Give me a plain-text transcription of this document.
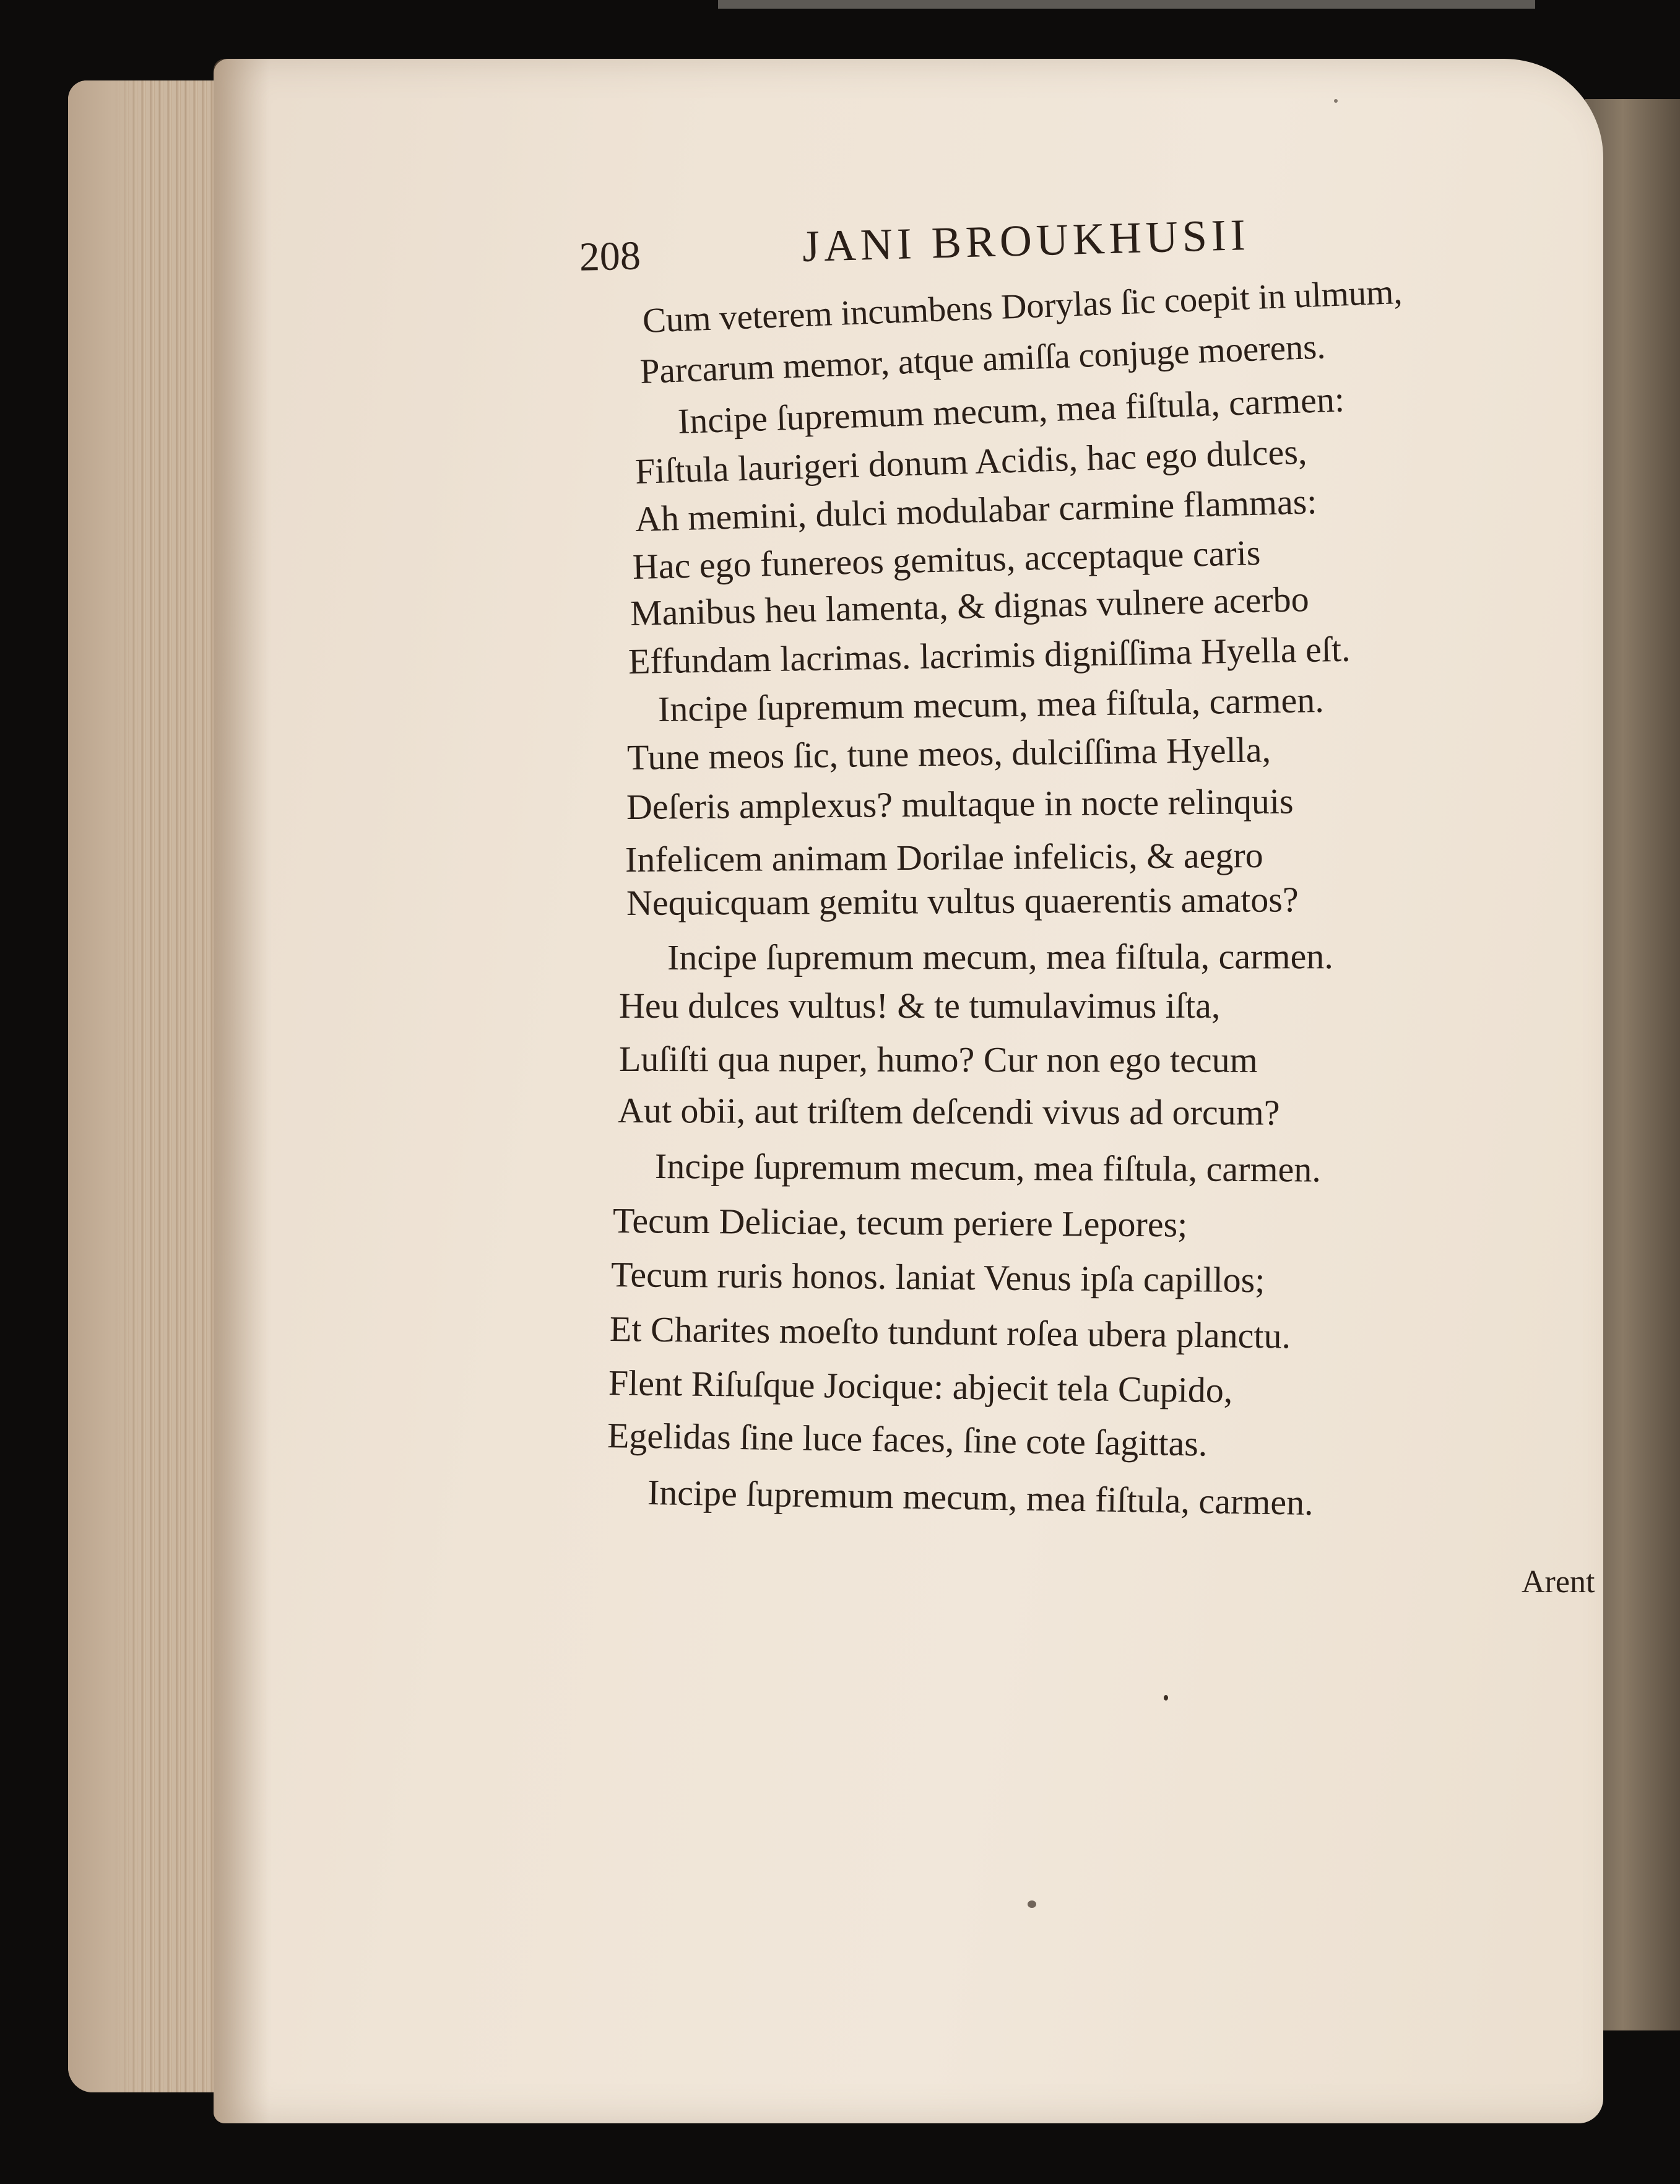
208	JANI BROUKHUSII
Cum veterem incumbens Dorylas ſic coepit in ulmum,
Parcarum memor, atque amiſſa conjuge moerens.
Incipe ſupremum mecum, mea fiſtula, carmen:
Fiſtula laurigeri donum Acidis, hac ego dulces,
Ah memini, dulci modulabar carmine flammas:
Hac ego funereos gemitus, acceptaque caris
Manibus heu lamenta, & dignas vulnere acerbo
Effundam lacrimas. lacrimis digniſſima Hyella eſt.
Incipe ſupremum mecum, mea fiſtula, carmen.
Tune meos ſic, tune meos, dulciſſima Hyella,
Deſeris amplexus? multaque in nocte relinquis
Infelicem animam Dorilae infelicis, & aegro
Nequicquam gemitu vultus quaerentis amatos?
Incipe ſupremum mecum, mea fiſtula, carmen.
Heu dulces vultus! & te tumulavimus iſta,
Luſiſti qua nuper, humo? Cur non ego tecum
Aut obii, aut triſtem deſcendi vivus ad orcum?
Incipe ſupremum mecum, mea fiſtula, carmen.
Tecum Deliciae, tecum periere Lepores;
Tecum ruris honos. laniat Venus ipſa capillos;
Et Charites moeſto tundunt roſea ubera planctu.
Flent Riſuſque Jocique: abjecit tela Cupido,
Egelidas ſine luce faces, ſine cote ſagittas.
Incipe ſupremum mecum, mea fiſtula, carmen.
Arent
